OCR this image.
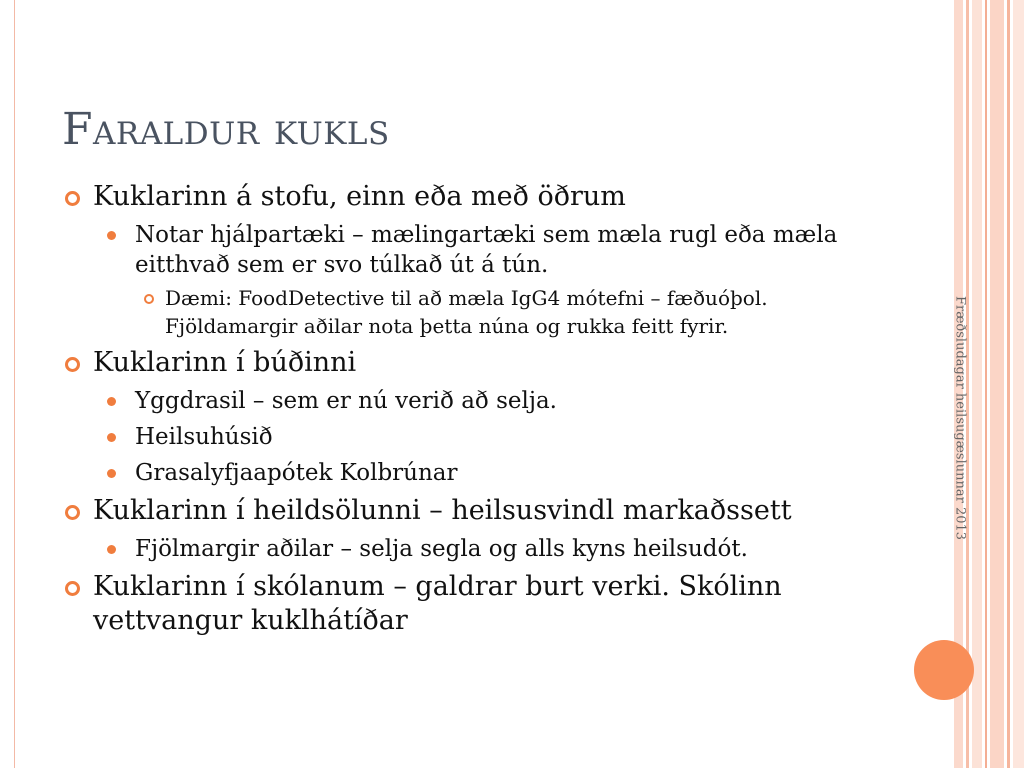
Fræðsludagar heilsugæslunnar 2013
Faraldur kukls

Kuklarinn á stofu, einn eða með öðrum

Notar hjálpartæki – mælingartæki sem mæla rugl eða mæla eitthvað sem er svo túlkað út á tún.

Dæmi: FoodDetective til að mæla IgG4 mótefni – fæðuóþol. Fjöldamargir aðilar nota þetta núna og rukka feitt fyrir.

Kuklarinn í búðinni

Yggdrasil – sem er nú verið að selja.

Heilsuhúsið

Grasalyfjaapótek Kolbrúnar

Kuklarinn í heildsölunni – heilsusvindl markaðssett

Fjölmargir aðilar – selja segla og alls kyns heilsudót.

Kuklarinn í skólanum – galdrar burt verki. Skólinn vettvangur kuklhátíðar
